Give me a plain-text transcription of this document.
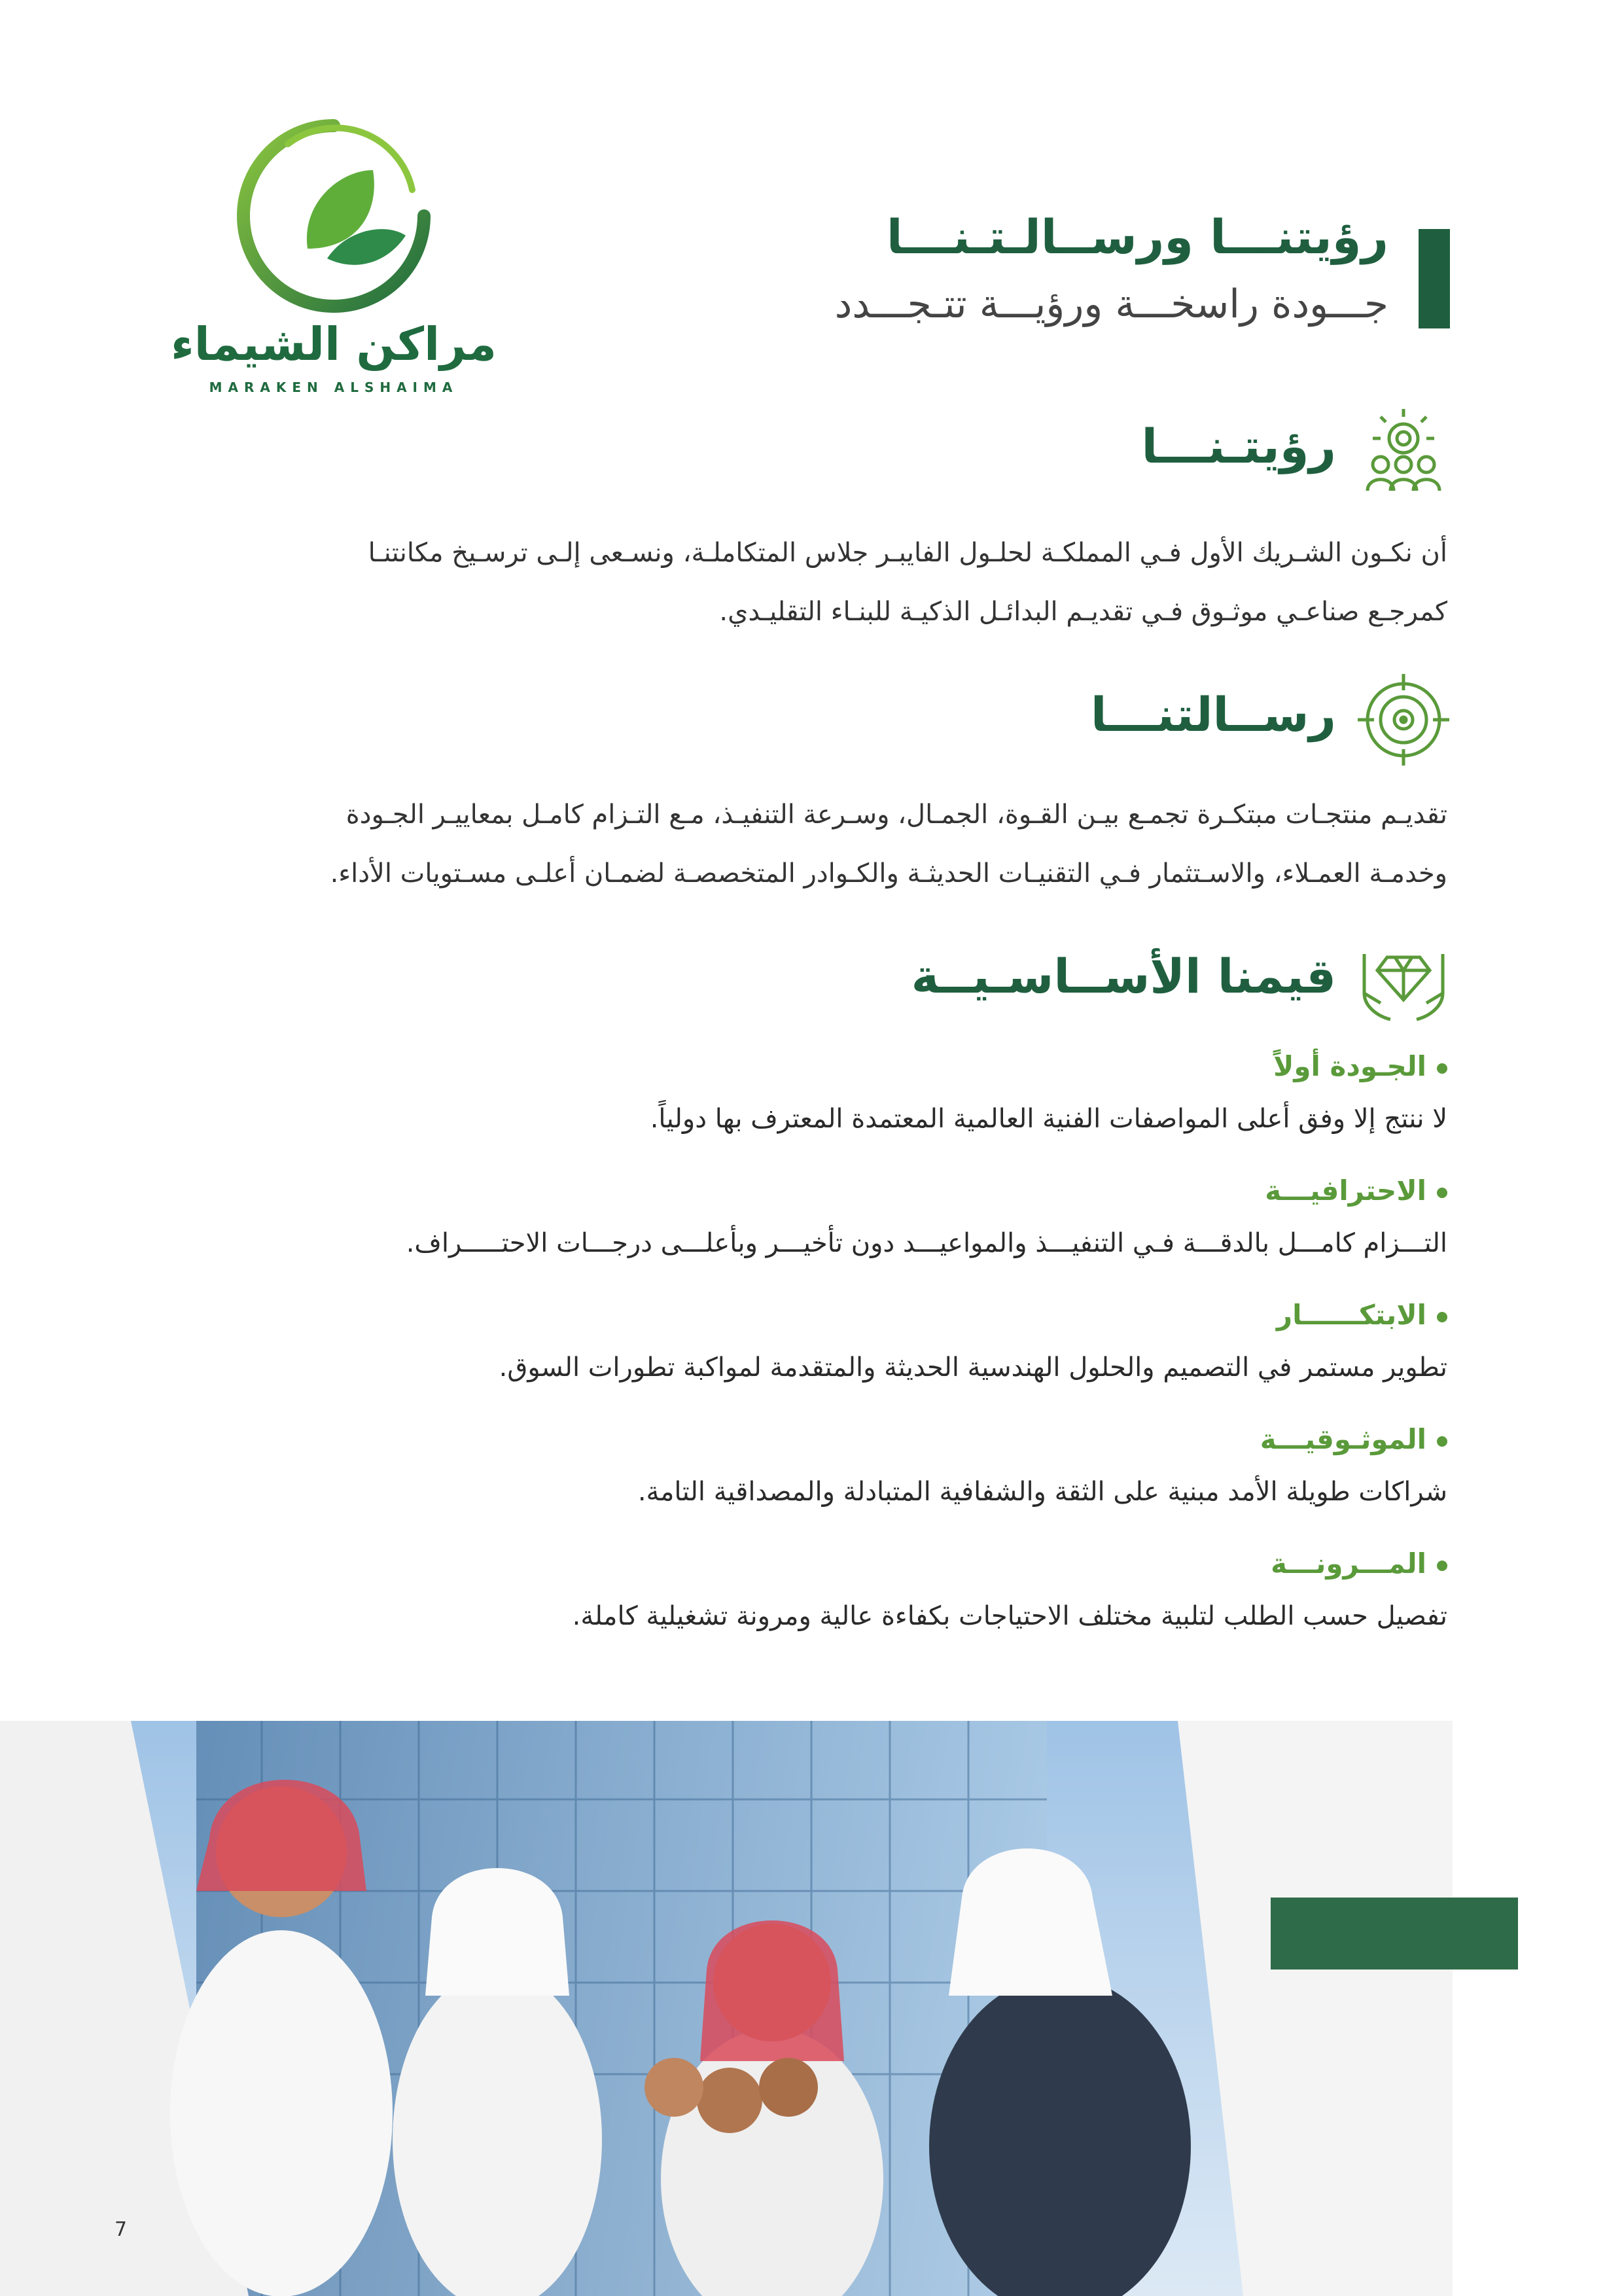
مراكن الشيماء
MARAKEN ALSHAIMA
رؤيتنـــا ورســالـتـنـــا
جـــودة راسخـــة ورؤيـــة تتـجـــدد
رؤيتـنـــا
أن نكـون الشـريك الأول فـي المملكـة لحلـول الفايبـر جلاس المتكاملـة، ونسـعى إلـى ترسـيخ مكانتنـا
كمرجـع صناعـي موثـوق فـي تقديـم البدائـل الذكيـة للبنـاء التقليـدي.
رســالتنـــا
تقديـم منتجـات مبتكـرة تجمـع بيـن القـوة، الجمـال، وسـرعة التنفيـذ، مـع التـزام كامـل بمعاييـر الجـودة
وخدمـة العمـلاء، والاسـتثمار فـي التقنيـات الحديثـة والكـوادر المتخصصـة لضمـان أعلـى مسـتويات الأداء.
قيمنا الأســاسـيــة
الجـودة أولاً
لا ننتج إلا وفق أعلى المواصفات الفنية العالمية المعتمدة المعترف بها دولياً.
الاحترافيـــة
التـــزام كامـــل بالدقـــة فـي التنفيـــذ والمواعيـــد دون تأخيـــر وبأعلـــى درجـــات الاحتـــــراف.
الابتكــــــار
تطوير مستمر في التصميم والحلول الهندسية الحديثة والمتقدمة لمواكبة تطورات السوق.
الموثـوقيـــة
شراكات طويلة الأمد مبنية على الثقة والشفافية المتبادلة والمصداقية التامة.
المـــرونـــة
تفصيل حسب الطلب لتلبية مختلف الاحتياجات بكفاءة عالية ومرونة تشغيلية كاملة.
7
